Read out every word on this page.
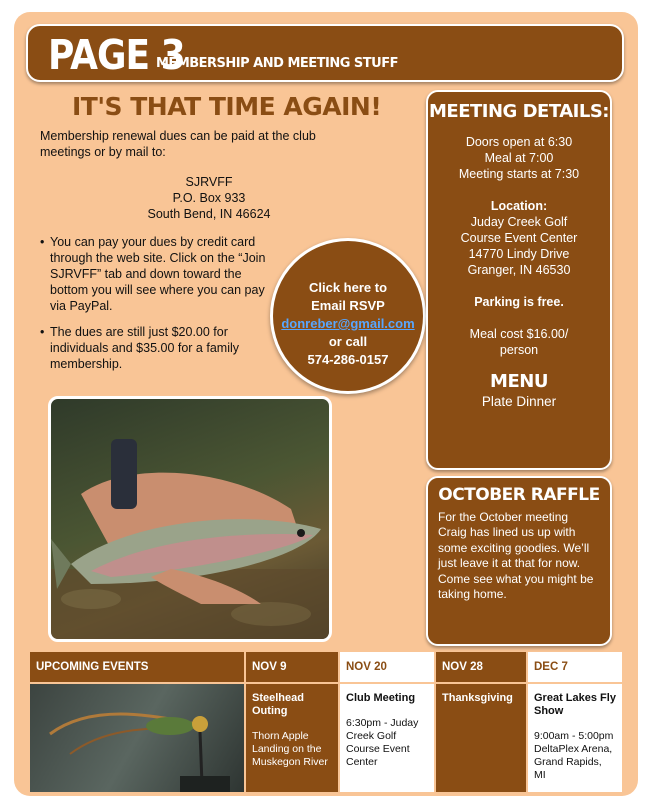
PAGE 3
MEMBERSHIP AND MEETING STUFF
IT'S THAT TIME AGAIN!

Membership renewal dues can be paid at the club meetings or by mail to:

SJRVFF
P.O. Box 933
South Bend, IN 46624
• You can pay your dues by credit card through the web site. Click on the “Join SJRVFF” tab and down toward the bottom you will see where you can pay via PayPal.
• The dues are still just $20.00 for individuals and $35.00 for a family membership.
Click here to
Email RSVP
donreber@gmail.com
or call
574-286-0157
MEETING DETAILS:
Doors open at 6:30
Meal at 7:00
Meeting starts at 7:30
Location:
Juday Creek Golf
Course Event Center
14770 Lindy Drive
Granger, IN 46530
Parking is free.
Meal cost $16.00/
person
MENU
Plate Dinner
OCTOBER RAFFLE

For the October meeting Craig has lined us up with some exciting goodies. We’ll just leave it at that for now. Come see what you might be taking home.

UPCOMING EVENTS	NOV 9
Steelhead Outing
Thorn Apple Landing on the Muskegon River
NOV 20
Club Meeting
6:30pm - Juday Creek Golf Course Event Center
NOV 28
Thanksgiving
DEC 7
Great Lakes Fly Show
9:00am - 5:00pm DeltaPlex Arena, Grand Rapids, MI
